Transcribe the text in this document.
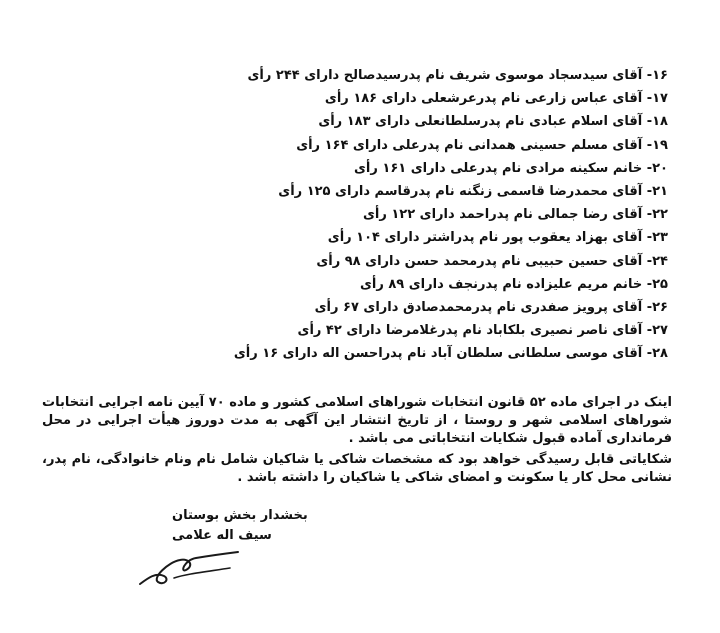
۱۶- آقای سیدسجاد موسوی شریف نام پدرسیدصالح دارای ۲۴۴ رأی
۱۷- آقای عباس زارعی نام پدرعرشعلی دارای ۱۸۶ رأی
۱۸- آقای اسلام عبادی نام پدرسلطانعلی دارای ۱۸۳ رأی
۱۹- آقای مسلم حسینی همدانی نام پدرعلی دارای ۱۶۴ رأی
۲۰- خانم سکینه مرادی نام پدرعلی دارای ۱۶۱ رأی
۲۱- آقای محمدرضا قاسمی زنگنه نام پدرقاسم دارای ۱۲۵ رأی
۲۲- آقای رضا جمالی نام پدراحمد دارای ۱۲۲ رأی
۲۳- آقای بهزاد یعقوب پور نام پدراشتر دارای ۱۰۴ رأی
۲۴- آقای حسین حبیبی نام پدرمحمد حسن دارای ۹۸ رأی
۲۵- خانم مریم علیزاده نام پدرنجف دارای ۸۹ رأی
۲۶- آقای پرویز صفدری نام پدرمحمدصادق دارای ۶۷ رأی
۲۷- آقای ناصر نصیری بلکاباد نام پدرغلامرضا دارای ۴۲ رأی
۲۸- آقای موسی سلطانی سلطان آباد نام پدراحسن اله دارای ۱۶ رأی
اینک در اجرای ماده ۵۲ قانون انتخابات شوراهای اسلامی کشور و ماده ۷۰ آیین نامه اجرایی انتخابات شوراهای اسلامی شهر و روستا ، از تاریخ انتشار این آگهی به مدت دوروز هیأت اجرایی در محل فرمانداری آماده قبول شکایات انتخاباتی می باشد .
شکایاتی قابل رسیدگی خواهد بود که مشخصات شاکی یا شاکیان شامل نام ونام خانوادگی، نام پدر، نشانی محل کار یا سکونت و امضای شاکی یا شاکیان را داشته باشد .
بخشدار بخش بوستان
سیف اله علامی
